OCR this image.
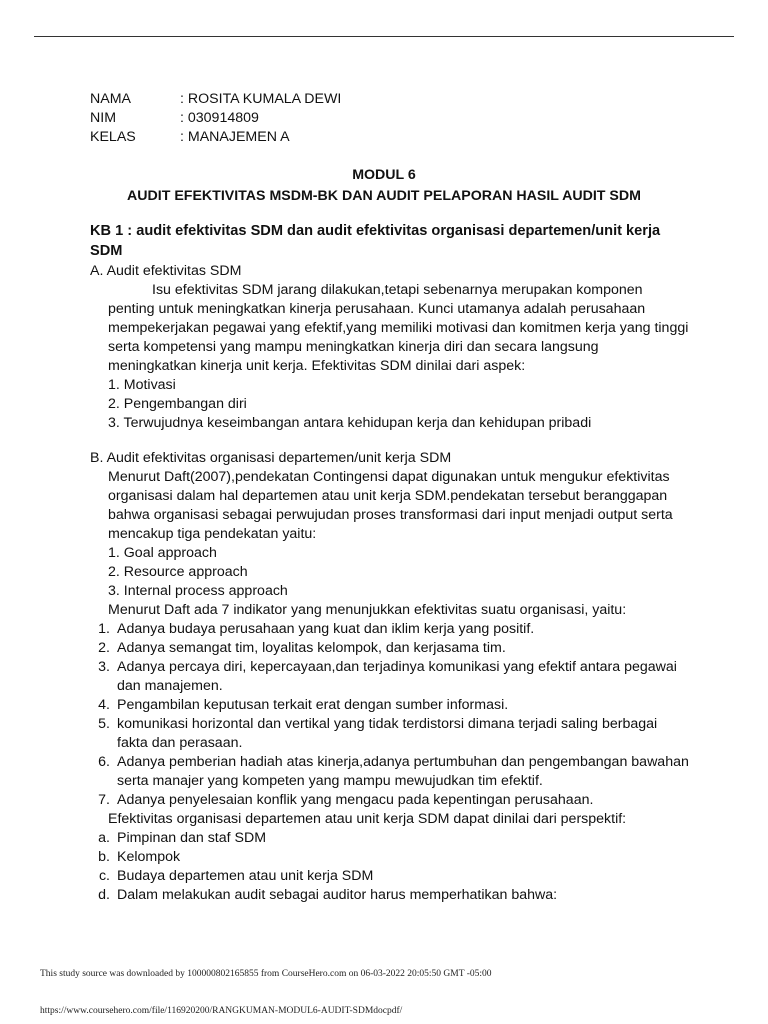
NAMA	: ROSITA KUMALA DEWI
NIM	: 030914809
KELAS	: MANAJEMEN A
MODUL 6
AUDIT EFEKTIVITAS MSDM-BK DAN AUDIT PELAPORAN HASIL AUDIT SDM
KB 1 : audit efektivitas SDM dan audit efektivitas organisasi departemen/unit kerja SDM
A. Audit efektivitas SDM
Isu efektivitas SDM jarang dilakukan,tetapi sebenarnya merupakan komponen penting untuk meningkatkan kinerja perusahaan. Kunci utamanya adalah perusahaan mempekerjakan pegawai yang efektif,yang memiliki motivasi dan komitmen kerja yang tinggi serta kompetensi yang mampu meningkatkan kinerja diri dan secara langsung meningkatkan kinerja unit kerja. Efektivitas SDM dinilai dari aspek:
1. Motivasi
2. Pengembangan diri
3. Terwujudnya keseimbangan antara kehidupan kerja dan kehidupan pribadi
B. Audit efektivitas organisasi departemen/unit kerja SDM
Menurut Daft(2007),pendekatan Contingensi dapat digunakan untuk mengukur efektivitas organisasi dalam hal departemen atau unit kerja SDM.pendekatan tersebut beranggapan bahwa organisasi sebagai perwujudan proses transformasi dari input menjadi output serta mencakup tiga pendekatan yaitu:
1. Goal approach
2. Resource approach
3. Internal process approach
Menurut Daft ada 7 indikator yang menunjukkan efektivitas suatu organisasi, yaitu:
1. Adanya budaya perusahaan yang kuat dan iklim kerja yang positif.
2. Adanya semangat tim, loyalitas kelompok, dan kerjasama tim.
3. Adanya percaya diri, kepercayaan,dan terjadinya komunikasi yang efektif antara pegawai dan manajemen.
4. Pengambilan keputusan terkait erat dengan sumber informasi.
5. komunikasi horizontal dan vertikal yang tidak terdistorsi dimana terjadi saling berbagai fakta dan perasaan.
6. Adanya pemberian hadiah atas kinerja,adanya pertumbuhan dan pengembangan bawahan serta manajer yang kompeten yang mampu mewujudkan tim efektif.
7. Adanya penyelesaian konflik yang mengacu pada kepentingan perusahaan.
Efektivitas organisasi departemen atau unit kerja SDM dapat dinilai dari perspektif:
a. Pimpinan dan staf SDM
b. Kelompok
c. Budaya departemen atau unit kerja SDM
d. Dalam melakukan audit sebagai auditor harus memperhatikan bahwa:
This study source was downloaded by 100000802165855 from CourseHero.com on 06-03-2022 20:05:50 GMT -05:00
https://www.coursehero.com/file/116920200/RANGKUMAN-MODUL6-AUDIT-SDMdocpdf/
